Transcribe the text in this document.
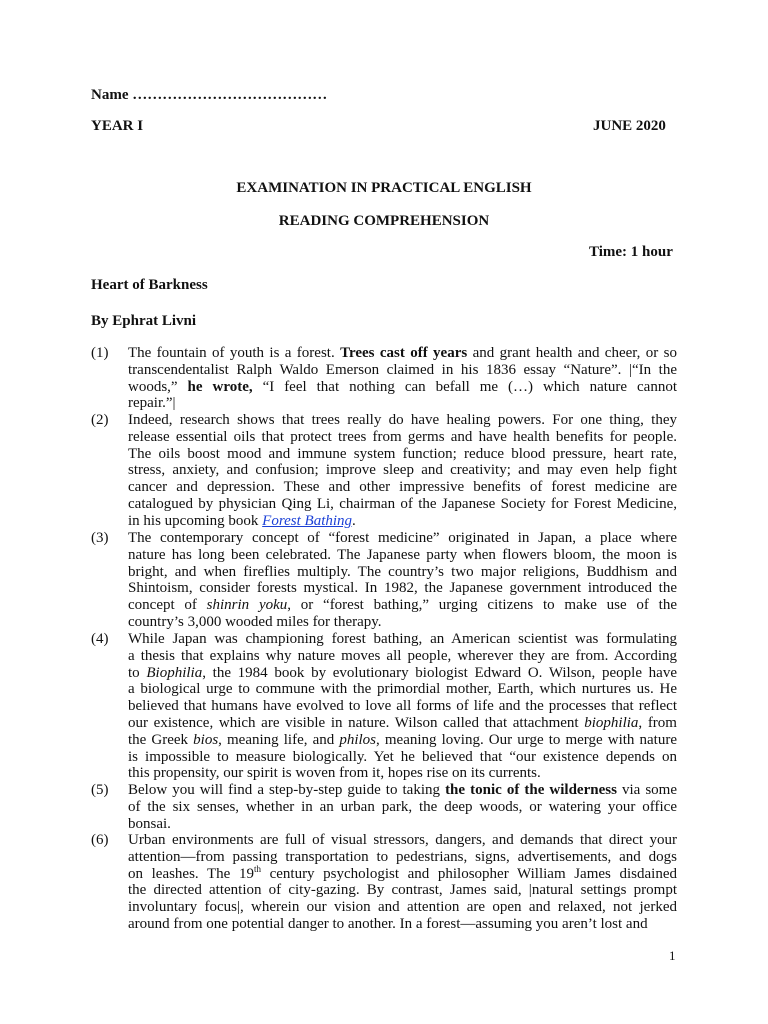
Name …………………………………
YEAR I	JUNE 2020
EXAMINATION IN PRACTICAL ENGLISH
READING COMPREHENSION
Time: 1 hour
Heart of Barkness
By Ephrat Livni
(1)	The fountain of youth is a forest. Trees cast off years and grant health and cheer, or so
transcendentalist Ralph Waldo Emerson claimed in his 1836 essay “Nature”. |“In the
woods,” he wrote, “I feel that nothing can befall me (…) which nature cannot
repair.”|
(2)	Indeed, research shows that trees really do have healing powers. For one thing, they
release essential oils that protect trees from germs and have health benefits for people.
The oils boost mood and immune system function; reduce blood pressure, heart rate,
stress, anxiety, and confusion; improve sleep and creativity; and may even help fight
cancer and depression. These and other impressive benefits of forest medicine are
catalogued by physician Qing Li, chairman of the Japanese Society for Forest Medicine,
in his upcoming book Forest Bathing.
(3)	The contemporary concept of “forest medicine” originated in Japan, a place where
nature has long been celebrated. The Japanese party when flowers bloom, the moon is
bright, and when fireflies multiply. The country’s two major religions, Buddhism and
Shintoism, consider forests mystical. In 1982, the Japanese government introduced the
concept of shinrin yoku, or “forest bathing,” urging citizens to make use of the
country’s 3,000 wooded miles for therapy.
(4)	While Japan was championing forest bathing, an American scientist was formulating
a thesis that explains why nature moves all people, wherever they are from. According
to Biophilia, the 1984 book by evolutionary biologist Edward O. Wilson, people have
a biological urge to commune with the primordial mother, Earth, which nurtures us. He
believed that humans have evolved to love all forms of life and the processes that reflect
our existence, which are visible in nature. Wilson called that attachment biophilia, from
the Greek bios, meaning life, and philos, meaning loving. Our urge to merge with nature
is impossible to measure biologically. Yet he believed that “our existence depends on
this propensity, our spirit is woven from it, hopes rise on its currents.
(5)	Below you will find a step-by-step guide to taking the tonic of the wilderness via some
of the six senses, whether in an urban park, the deep woods, or watering your office
bonsai.
(6)	Urban environments are full of visual stressors, dangers, and demands that direct your
attention—from passing transportation to pedestrians, signs, advertisements, and dogs
on leashes. The 19th century psychologist and philosopher William James disdained
the directed attention of city-gazing. By contrast, James said, |natural settings prompt
involuntary focus|, wherein our vision and attention are open and relaxed, not jerked
around from one potential danger to another. In a forest—assuming you aren’t lost and
1
